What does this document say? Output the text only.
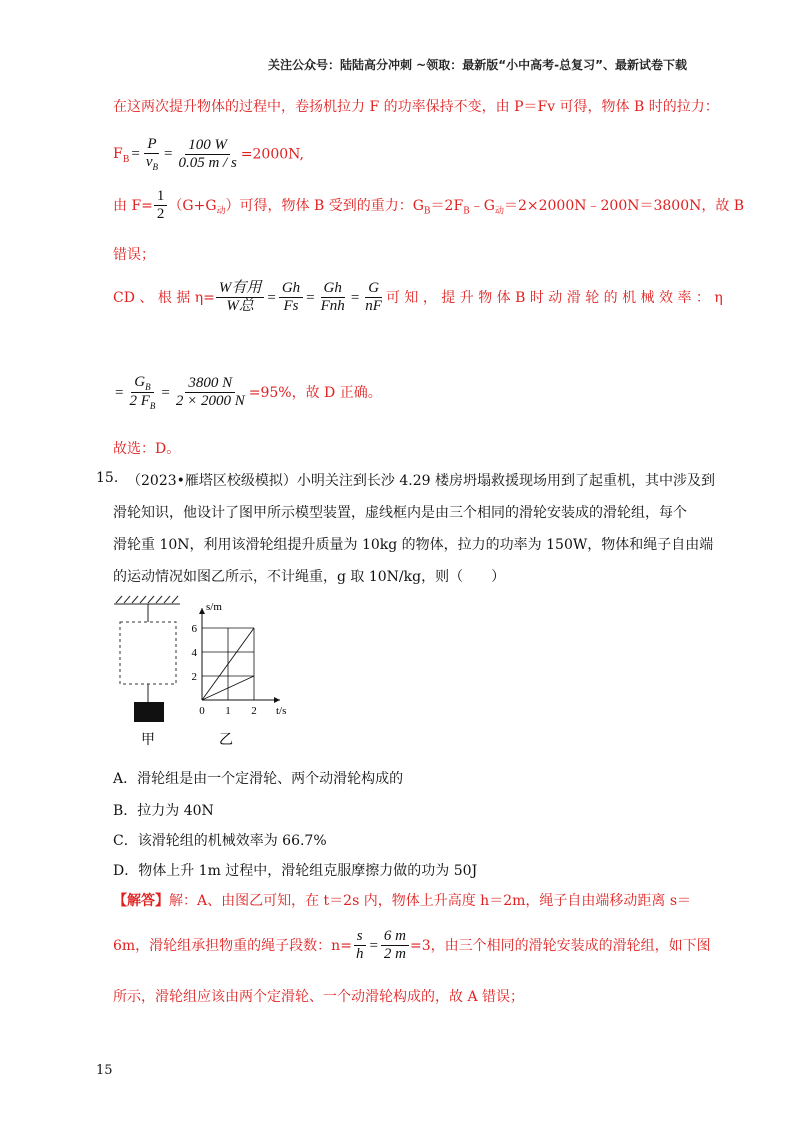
关注公众号：陆陆高分冲刺 ~领取：最新版“小中高考-总复习”、最新试卷下载
在这两次提升物体的过程中，卷扬机拉力 F 的功率保持不变，由 P＝Fv 可得，物体 B 时的拉力：
$F_B = \frac{P}{v_B} = \frac{100 W}{0.05 m / s} =2000N$,
由 $F= \frac{1}{2} (G+G_动)$可得，物体 B 受到的重力：$G_B=2F_B﹣G_动=2\times 2000N﹣200N=3800N$，故 B
错误；
CD 、 根 据 $\eta= \frac{\text{W有用}}{\text{W总}} = \frac{Gh}{Fs} = \frac{Gh}{\text{Fnh}} = \frac{G}{nF}$ 可 知 ， 提 升 物 体 B 时 动 滑 轮 的 机 械 效 率 ： η
= $\frac{G_B}{2 F_B} = \frac{3800 N}{2 \times 2000 N} =95\%$，故 D 正确。
故选：D。
15. （2023•雁塔区校级模拟）小明关注到长沙 4.29 楼房坍塌救援现场用到了起重机，其中涉及到
滑轮知识，他设计了图甲所示模型装置，虚线框内是由三个相同的滑轮安装成的滑轮组，每个
滑轮重 10N，利用该滑轮组提升质量为 10kg 的物体，拉力的功率为 150W，物体和绳子自由端
的运动情况如图乙所示，不计绳重，g 取 10N/kg，则（　　）
甲	乙
0 1 2
2
4
6
t/s
s/m
A．滑轮组是由一个定滑轮、两个动滑轮构成的
B．拉力为 40N
C．该滑轮组的机械效率为 66.7%
D．物体上升 1m 过程中，滑轮组克服摩擦力做的功为 50J
【解答】解：A、由图乙可知，在 t＝2s 内，物体上升高度 h＝2m，绳子自由端移动距离 s＝
6m，滑轮组承担物重的绳子段数：$n= \frac{s}{h} = \frac{6 m}{2 m} =3$，由三个相同的滑轮安装成的滑轮组，如下图
所示，滑轮组应该由两个定滑轮、一个动滑轮构成的，故 A 错误；
15
